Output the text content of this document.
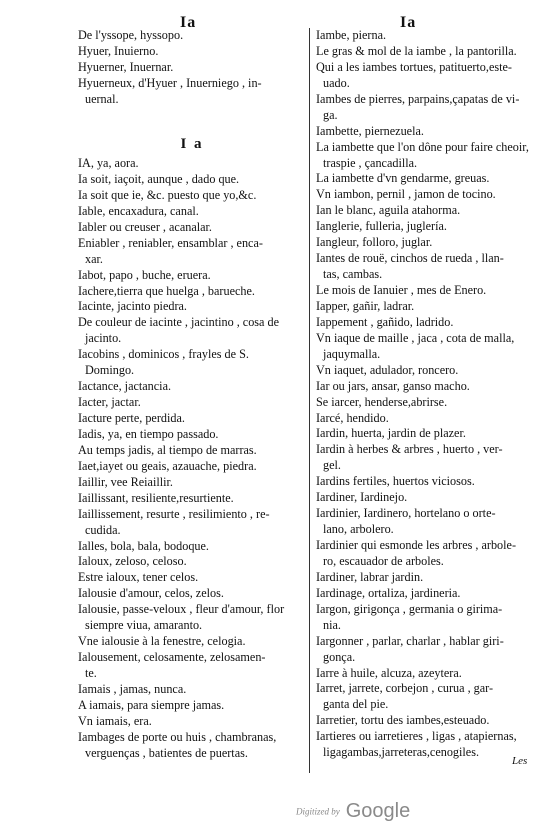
Ia	Ia
De l'yssope, hyssopo.
Hyuer, Inuierno.
Hyuerner, Inuernar.
Hyuerneux, d'Hyuer , Inuerniego , in-
uernal.
I a
IA, ya, aora.
Ia soit, iaçoit, aunque , dado que.
Ia soit que ie, &c. puesto que yo,&c.
Iable, encaxadura, canal.
Iabler ou creuser , acanalar.
Eniabler , reniabler, ensamblar , enca-
xar.
Iabot, papo , buche, eruera.
Iachere,tierra que huelga , barueche.
Iacinte, jacinto piedra.
De couleur de iacinte , jacintino , cosa de
jacinto.
Iacobins , dominicos , frayles de S.
Domingo.
Iactance, jactancia.
Iacter, jactar.
Iacture perte, perdida.
Iadis, ya, en tiempo passado.
Au temps jadis, al tiempo de marras.
Iaet,iayet ou geais, azauache, piedra.
Iaillir, vee Reiaillir.
Iaillissant, resiliente,resurtiente.
Iaillissement, resurte , resilimiento , re-
cudida.
Ialles, bola, bala, bodoque.
Ialoux, zeloso, celoso.
Estre ialoux, tener celos.
Ialousie d'amour, celos, zelos.
Ialousie, passe-veloux , fleur d'amour, flor
siempre viua, amaranto.
Vne ialousie à la fenestre, celogia.
Ialousement, celosamente, zelosamen-
te.
Iamais , jamas, nunca.
A iamais, para siempre jamas.
Vn iamais, era.
Iambages de porte ou huis , chambranas,
verguenças , batientes de puertas.
Iambe, pierna.
Le gras & mol de la iambe , la pantorilla.
Qui a les iambes tortues, patituerto,estе-
uado.
Iambes de pierres, parpains,çapatas de vi-
ga.
Iambette, piernezuela.
La iambette que l'on dône pour faire cheoir,
traspie , çancadilla.
La iambette d'vn gendarme, greuas.
Vn iambon, pernil , jamon de tocino.
Ian le blanc, aguila atahorma.
Ianglerie, fulleria, juglería.
Iangleur, folloro, juglar.
Iantes de rouë, cinchos de rueda , llan-
tas, cambas.
Le mois de Ianuier , mes de Enero.
Iapper, gañir, ladrar.
Iappement , gañido, ladrido.
Vn iaque de maille , jaca , cota de malla,
jaquymalla.
Vn iaquet, adulador, roncero.
Iar ou jars, ansar, ganso macho.
Se iarcer, henderse,abrirse.
Iarcé, hendido.
Iardin, huerta, jardin de plazer.
Iardin à herbes & arbres , huerto , ver-
gel.
Iardins fertiles, huertos viciosos.
Iardiner, Iardinejo.
Iardinier, Iardinero, hortelano o orte-
lano, arbolero.
Iardinier qui esmonde les arbres , arbole-
ro, escauador de arboles.
Iardiner, labrar jardin.
Iardinage, ortaliza, jardineria.
Iargon, girigonça , germania o girima-
nia.
Iargonner , parlar, charlar , hablar giri-
gonça.
Iarre à huile, alcuza, azeytera.
Iarret, jarrete, corbejon , curua , gar-
ganta del pie.
Iarretier, tortu des iambes,esteuado.
Iartieres ou iarretieres , ligas , atapiernas,
ligagambas,jarreteras,cenogiles.
Les
Digitized by Google
